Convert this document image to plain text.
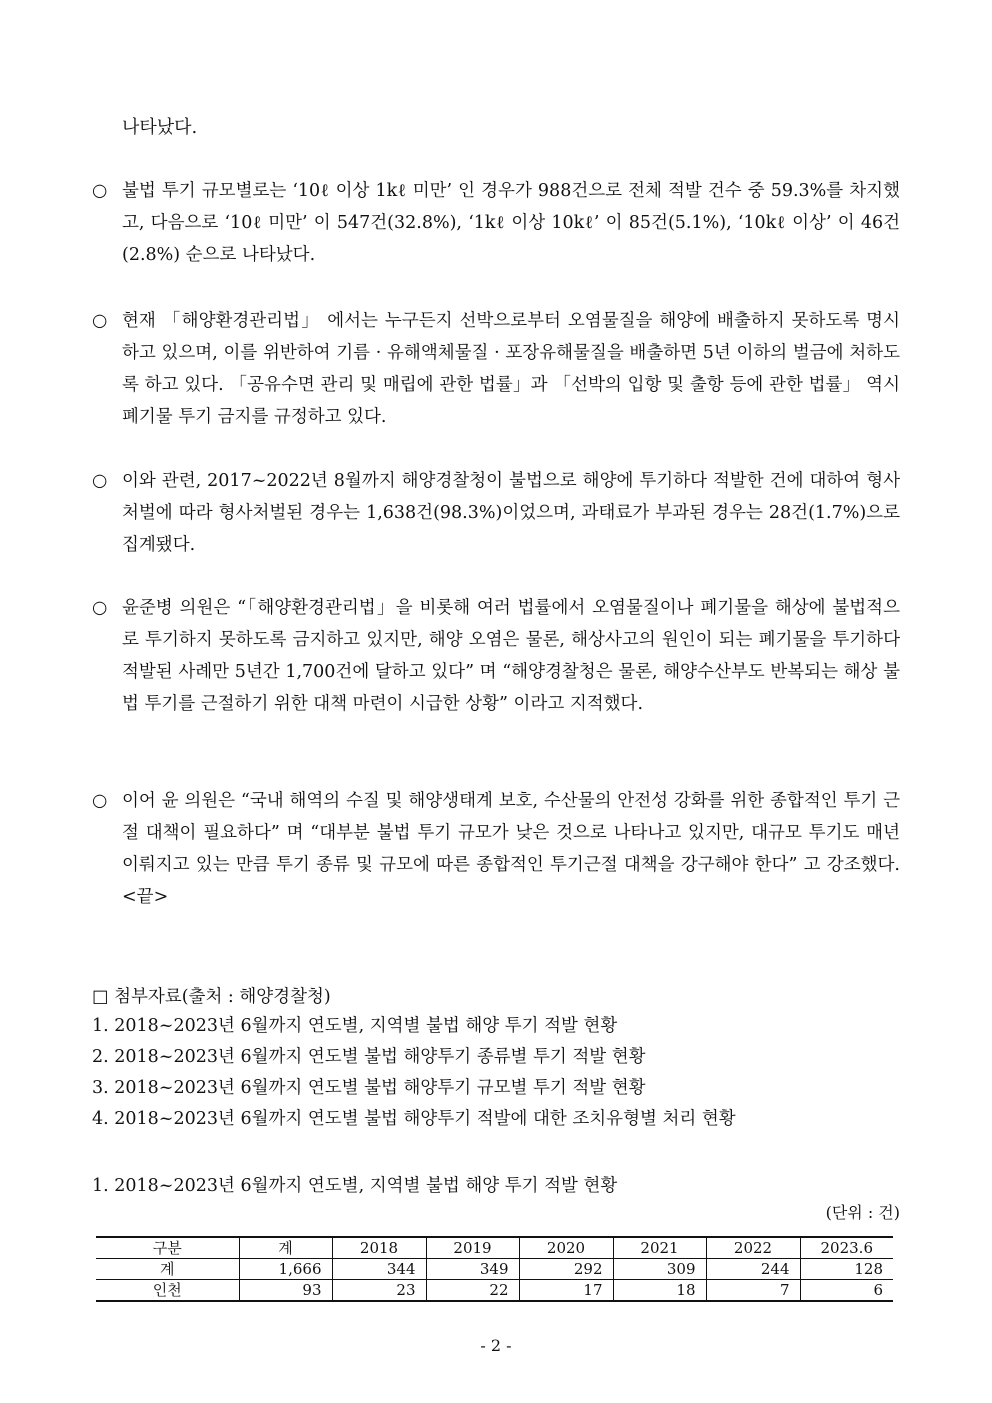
나타났다.
○ 불법 투기 규모별로는 ‘10ℓ 이상 1kℓ 미만’ 인 경우가 988건으로 전체 적발 건수 중 59.3%를 차지했고, 다음으로 ‘10ℓ 미만’ 이 547건(32.8%), ‘1kℓ 이상 10kℓ’ 이 85건(5.1%), ‘10kℓ 이상’ 이 46건(2.8%) 순으로 나타났다.
○ 현재 「해양환경관리법」 에서는 누구든지 선박으로부터 오염물질을 해양에 배출하지 못하도록 명시하고 있으며, 이를 위반하여 기름 · 유해액체물질 · 포장유해물질을 배출하면 5년 이하의 벌금에 처하도록 하고 있다. 「공유수면 관리 및 매립에 관한 법률」과 「선박의 입항 및 출항 등에 관한 법률」 역시 폐기물 투기 금지를 규정하고 있다.
○ 이와 관련, 2017~2022년 8월까지 해양경찰청이 불법으로 해양에 투기하다 적발한 건에 대하여 형사처벌에 따라 형사처벌된 경우는 1,638건(98.3%)이었으며, 과태료가 부과된 경우는 28건(1.7%)으로 집계됐다.
○ 윤준병 의원은 “「해양환경관리법」을 비롯해 여러 법률에서 오염물질이나 폐기물을 해상에 불법적으로 투기하지 못하도록 금지하고 있지만, 해양 오염은 물론, 해상사고의 원인이 되는 폐기물을 투기하다 적발된 사례만 5년간 1,700건에 달하고 있다” 며 “해양경찰청은 물론, 해양수산부도 반복되는 해상 불법 투기를 근절하기 위한 대책 마련이 시급한 상황” 이라고 지적했다.
○ 이어 윤 의원은 “국내 해역의 수질 및 해양생태계 보호, 수산물의 안전성 강화를 위한 종합적인 투기 근절 대책이 필요하다” 며 “대부분 불법 투기 규모가 낮은 것으로 나타나고 있지만, 대규모 투기도 매년 이뤄지고 있는 만큼 투기 종류 및 규모에 따른 종합적인 투기근절 대책을 강구해야 한다” 고 강조했다. <끝>
□ 첨부자료(출처 : 해양경찰청)
1. 2018~2023년 6월까지 연도별, 지역별 불법 해양 투기 적발 현황
2. 2018~2023년 6월까지 연도별 불법 해양투기 종류별 투기 적발 현황
3. 2018~2023년 6월까지 연도별 불법 해양투기 규모별 투기 적발 현황
4. 2018~2023년 6월까지 연도별 불법 해양투기 적발에 대한 조치유형별 처리 현황
1. 2018~2023년 6월까지 연도별, 지역별 불법 해양 투기 적발 현황
(단위 : 건)
구분	계	2018	2019	2020	2021	2022	2023.6
계	1,666	344	349	292	309	244	128
인천	93	23	22	17	18	7	6
- 2 -
